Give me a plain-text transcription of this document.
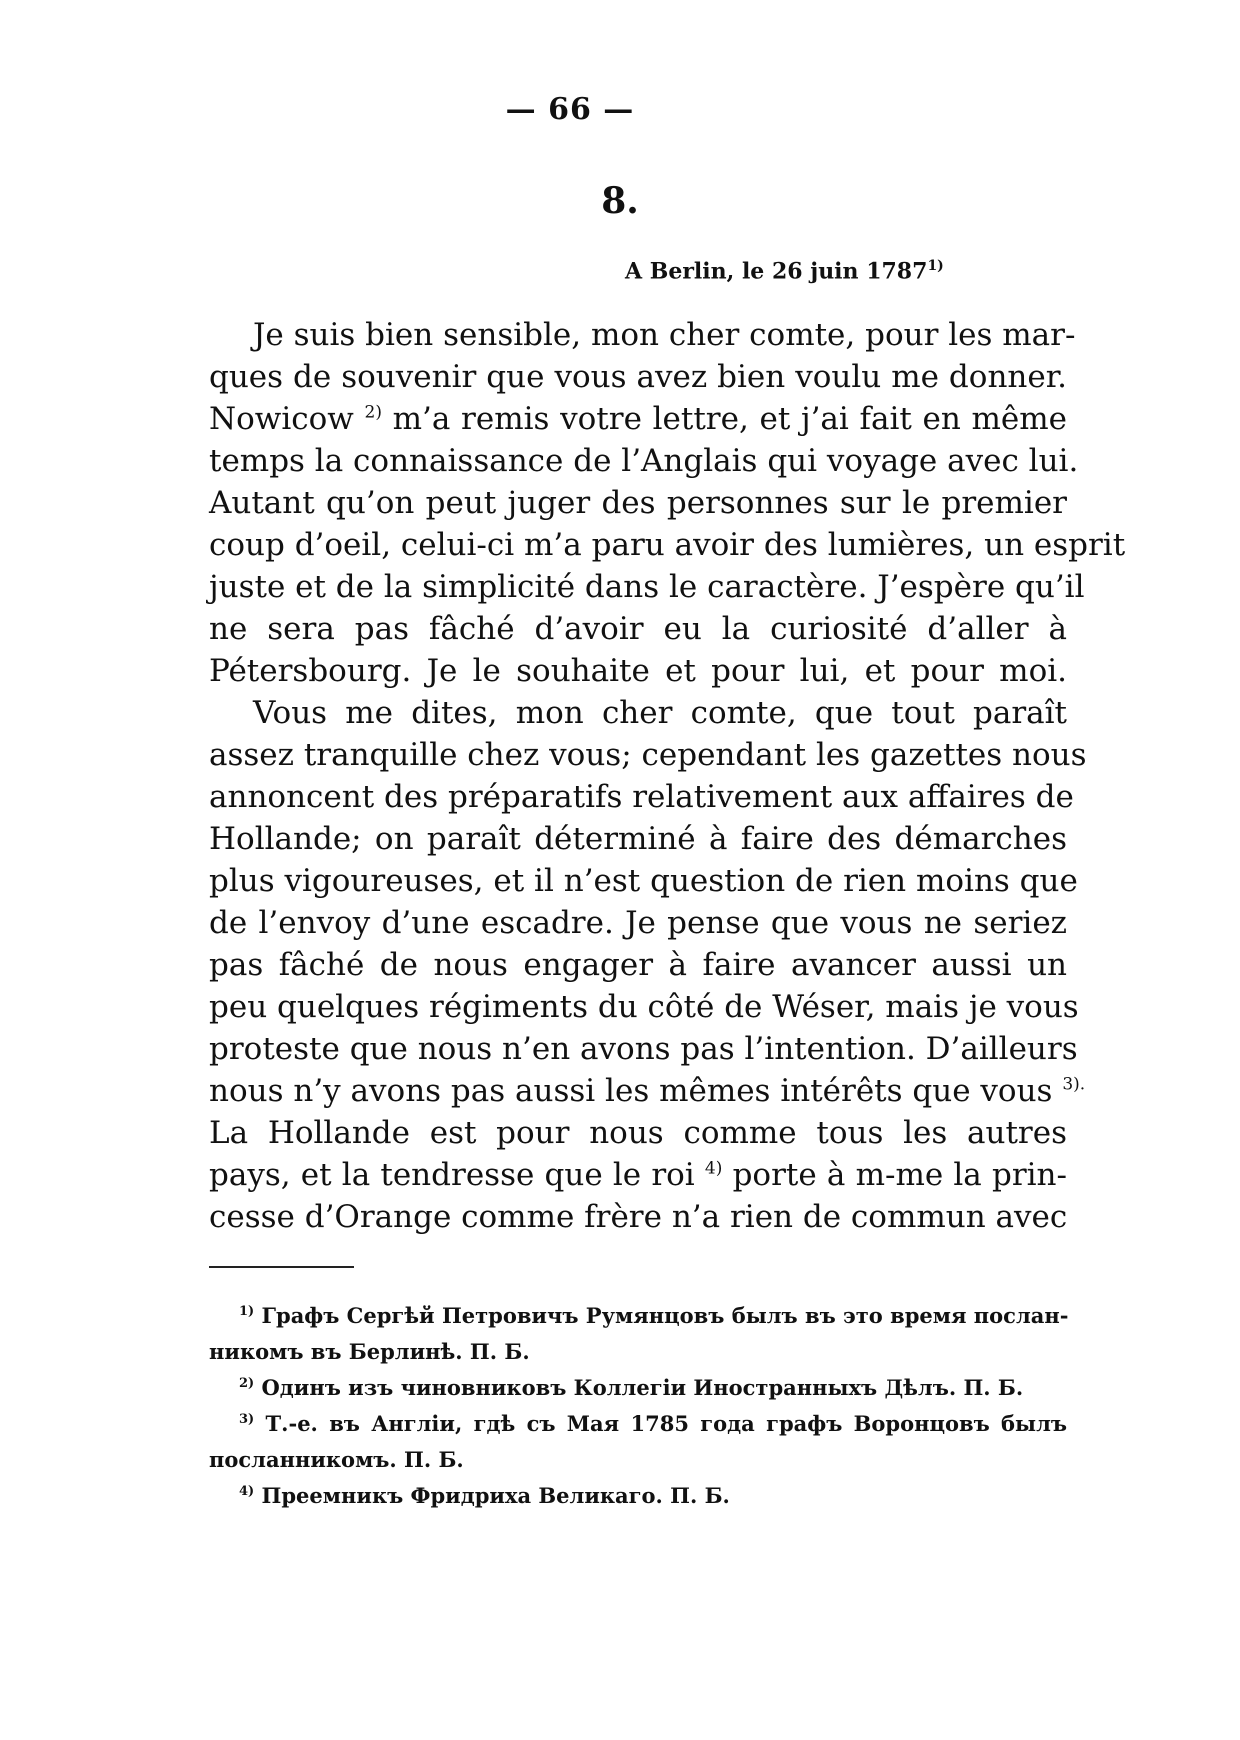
— 66 —
8.
A Berlin, le 26 juin 1787$^{1)}$
Je suis bien sensible, mon cher comte, pour les mar-
ques de souvenir que vous avez bien voulu me donner.
Nowicow $^{2)}$ m’a remis votre lettre, et j’ai fait en même
temps la connaissance de l’Anglais qui voyage avec lui.
Autant qu’on peut juger des personnes sur le premier
coup d’oeil, celui-ci m’a paru avoir des lumières, un esprit
juste et de la simplicité dans le caractère. J’espère qu’il
ne sera pas fâché d’avoir eu la curiosité d’aller à
Pétersbourg. Je le souhaite et pour lui, et pour moi.
Vous me dites, mon cher comte, que tout paraît
assez tranquille chez vous; cependant les gazettes nous
annoncent des préparatifs relativement aux affaires de
Hollande; on paraît déterminé à faire des démarches
plus vigoureuses, et il n’est question de rien moins que
de l’envoy d’une escadre. Je pense que vous ne seriez
pas fâché de nous engager à faire avancer aussi un
peu quelques régiments du côté de Wéser, mais je vous
proteste que nous n’en avons pas l’intention. D’ailleurs
nous n’y avons pas aussi les mêmes intérêts que vous $^{3).}$
La Hollande est pour nous comme tous les autres
pays, et la tendresse que le roi $^{4)}$ porte à m-me la prin-
cesse d’Orange comme frère n’a rien de commun avec
$^{1)}$ Графъ Сергѣй Петровичъ Румянцовъ былъ въ это время послан-
никомъ въ Берлинѣ. П. Б.
$^{2)}$ Одинъ изъ чиновниковъ Коллегіи Иностранныхъ Дѣлъ. П. Б.
$^{3)}$ Т.-е. въ Англіи, гдѣ съ Мая 1785 года графъ Воронцовъ былъ
посланникомъ. П. Б.
$^{4)}$ Преемникъ Фридриха Великаго. П. Б.
